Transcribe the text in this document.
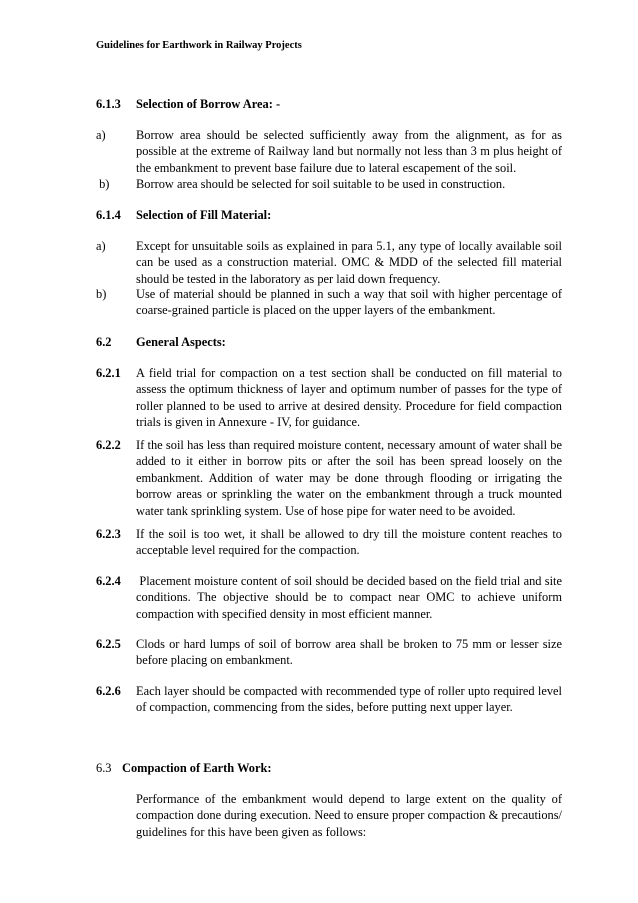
Guidelines for Earthwork in Railway Projects
6.1.3	Selection of Borrow Area: -
a)	Borrow area should be selected sufficiently away from the alignment, as for as possible at the extreme of Railway land but normally not less than 3 m plus height of the embankment to prevent base failure due to lateral escapement of the soil.
b)	Borrow area should be selected for soil suitable to be used in construction.
6.1.4	Selection of Fill Material:
a)	Except for unsuitable soils as explained in para 5.1, any type of locally available soil can be used as a construction material. OMC & MDD of the selected fill material should be tested in the laboratory as per laid down frequency.
b)	Use of material should be planned in such a way that soil with higher percentage of coarse-grained particle is placed on the upper layers of the embankment.
6.2	General Aspects:
6.2.1	A field trial for compaction on a test section shall be conducted on fill material to assess the optimum thickness of layer and optimum number of passes for the type of roller planned to be used to arrive at desired density. Procedure for field compaction trials is given in Annexure - IV, for guidance.
6.2.2	If the soil has less than required moisture content, necessary amount of water shall be added to it either in borrow pits or after the soil has been spread loosely on the embankment. Addition of water may be done through flooding or irrigating the borrow areas or sprinkling the water on the embankment through a truck mounted water tank sprinkling system. Use of hose pipe for water need to be avoided.
6.2.3	If the soil is too wet, it shall be allowed to dry till the moisture content reaches to acceptable level required for the compaction.
6.2.4	Placement moisture content of soil should be decided based on the field trial and site conditions. The objective should be to compact near OMC to achieve uniform compaction with specified density in most efficient manner.
6.2.5	Clods or hard lumps of soil of borrow area shall be broken to 75 mm or lesser size before placing on embankment.
6.2.6	Each layer should be compacted with recommended type of roller upto required level of compaction, commencing from the sides, before putting next upper layer.
6.3 Compaction of Earth Work:
Performance of the embankment would depend to large extent on the quality of compaction done during execution. Need to ensure proper compaction & precautions/ guidelines for this have been given as follows:
